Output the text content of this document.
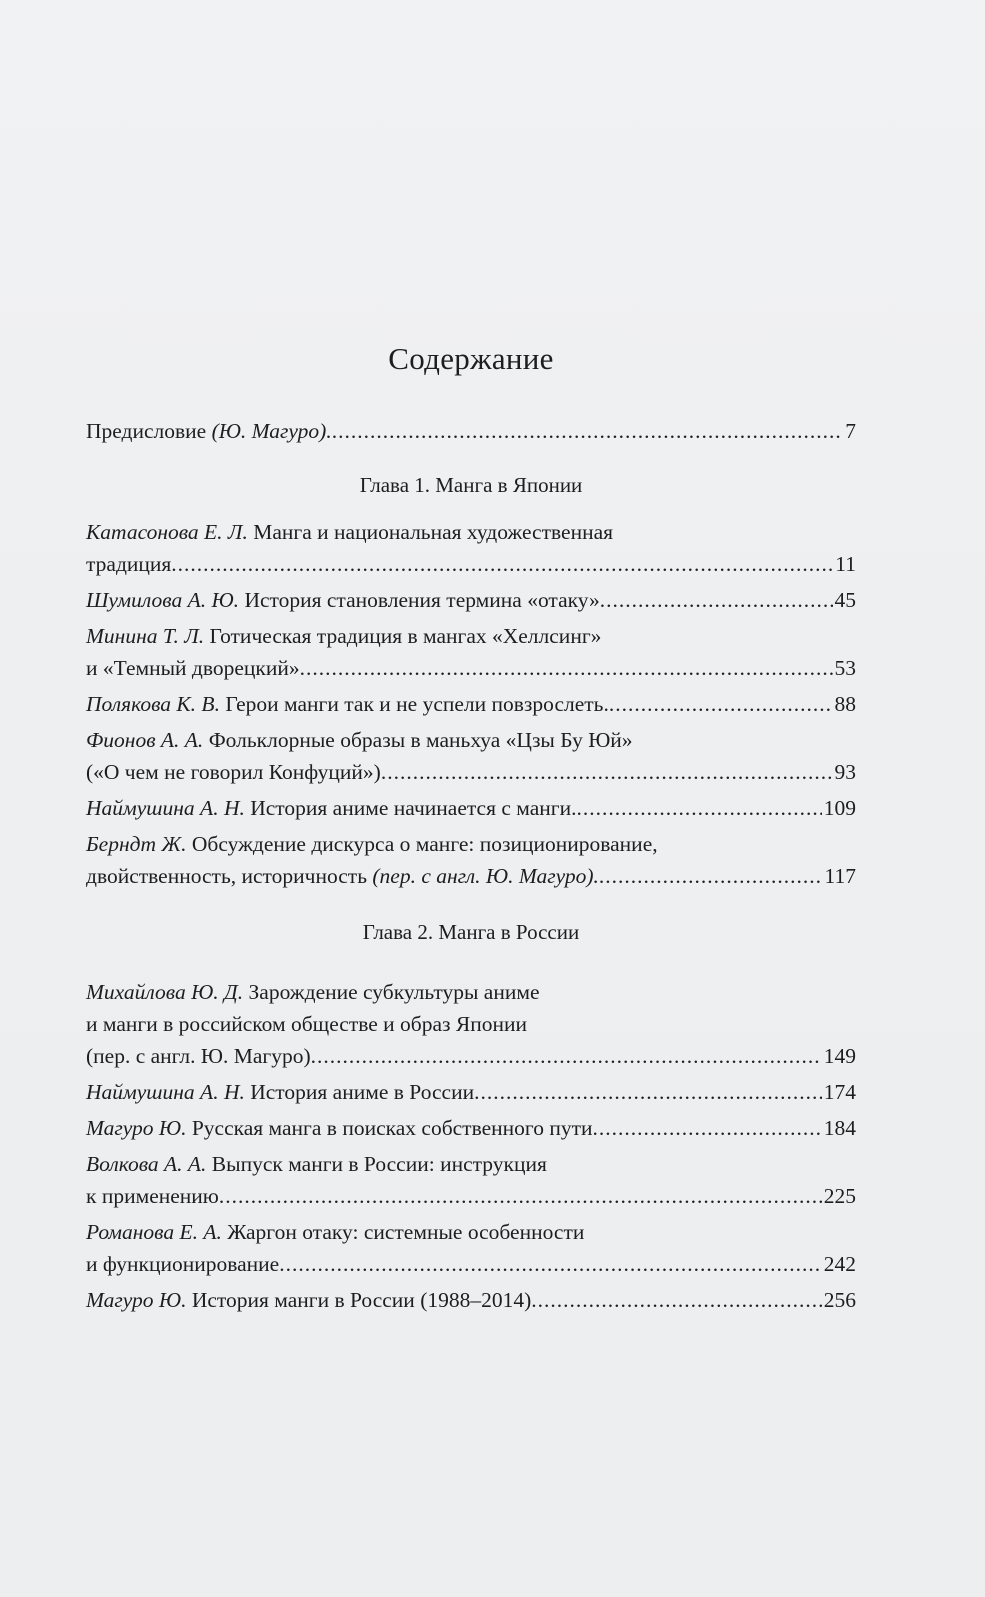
Содержание
Предисловие (Ю. Магуро). .....	7
Глава 1. Манга в Японии
Катасонова Е. Л. Манга и национальная художественная
традиция .....	11
Шумилова А. Ю. История становления термина «отаку» .....	45
Минина Т. Л. Готическая традиция в мангах «Хеллсинг»
и «Темный дворецкий» .....	53
Полякова К. В. Герои манги так и не успели повзрослеть. .....	88
Фионов А. А. Фольклорные образы в маньхуа «Цзы Бу Юй»
(«О чем не говорил Конфуций») .....	93
Наймушина А. Н. История аниме начинается с манги. .....	109
Берндт Ж. Обсуждение дискурса о манге: позиционирование,
двойственность, историчность (пер. с англ. Ю. Магуро). .....	117
Глава 2. Манга в России
Михайлова Ю. Д. Зарождение субкультуры аниме
и манги в российском обществе и образ Японии
(пер. с англ. Ю. Магуро) .....	149
Наймушина А. Н. История аниме в России .....	174
Магуро Ю. Русская манга в поисках собственного пути .....	184
Волкова А. А. Выпуск манги в России: инструкция
к применению .....	225
Романова Е. А. Жаргон отаку: системные особенности
и функционирование .....	242
Магуро Ю. История манги в России (1988–2014) .....	256
